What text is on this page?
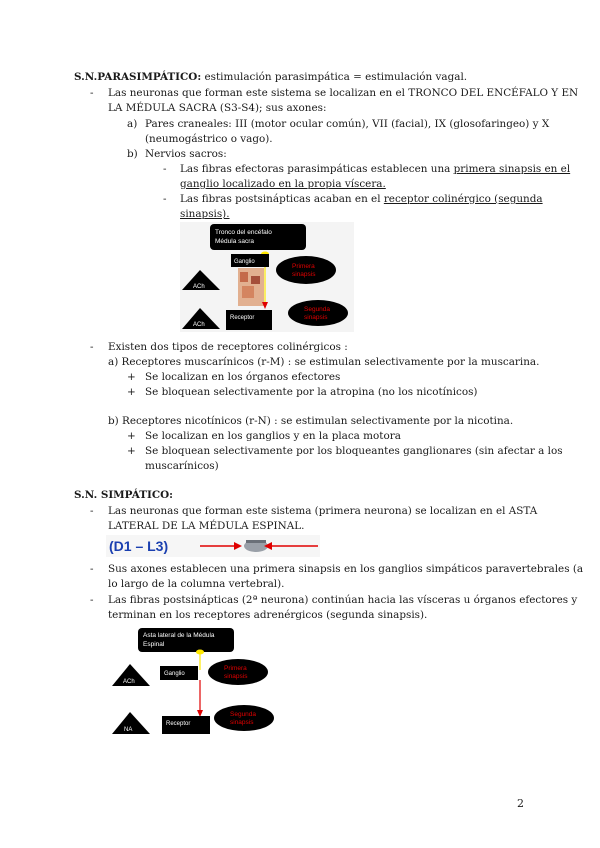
S.N.PARASIMPÁTICO: estimulación parasimpática = estimulación vagal.
- Las neuronas que forman este sistema se localizan en el TRONCO DEL ENCÉFALO Y EN
LA MÉDULA SACRA (S3-S4); sus axones:
a) Pares craneales: III (motor ocular común), VII (facial), IX (glosofaringeo) y X
(neumogástrico o vago).
b) Nervios sacros:
- Las fibras efectoras parasimpáticas establecen una primera sinapsis en el
ganglio localizado en la propia víscera.
- Las fibras postsinápticas acaban en el receptor colinérgico (segunda
sinapsis).
Tronco del encéfalo
Médula sacra
Ganglio
ACh
ACh
Primera
sinapsis
Segunda
sinapsis
Receptor
- Existen dos tipos de receptores colinérgicos :
a) Receptores muscarínicos (r-M) : se estimulan selectivamente por la muscarina.
+ Se localizan en los órganos efectores
+ Se bloquean selectivamente por la atropina (no los nicotínicos)
b) Receptores nicotínicos (r-N) : se estimulan selectivamente por la nicotina.
+ Se localizan en los ganglios y en la placa motora
+ Se bloquean selectivamente por los bloqueantes ganglionares (sin afectar a los
muscarínicos)
S.N. SIMPÁTICO:
- Las neuronas que forman este sistema (primera neurona) se localizan en el ASTA
LATERAL DE LA MÉDULA ESPINAL.
(D1 – L3)
- Sus axones establecen una primera sinapsis en los ganglios simpáticos paravertebrales (a
lo largo de la columna vertebral).
- Las fibras postsinápticas (2ª neurona) continúan hacia las vísceras u órganos efectores y
terminan en los receptores adrenérgicos (segunda sinapsis).
Asta lateral de la Médula
Espinal
Ganglio
ACh
NA
Primera
sinapsis
Segunda
sinapsis
Receptor
2
